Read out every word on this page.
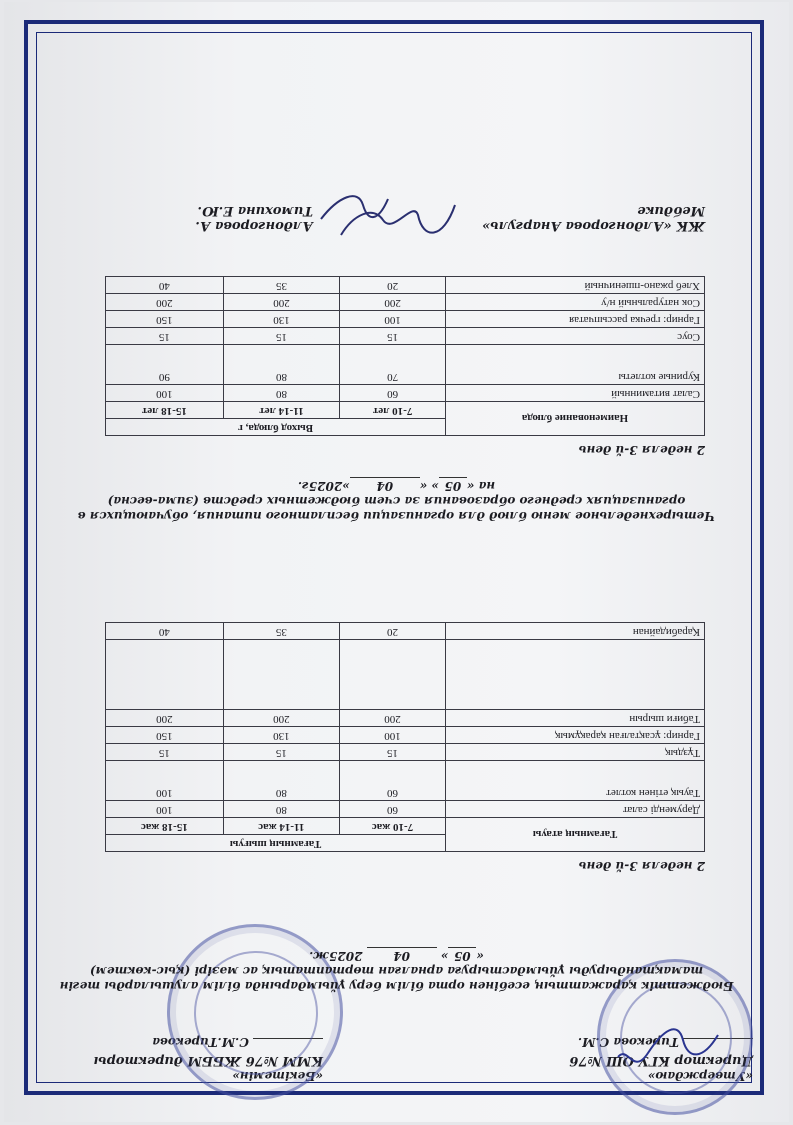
«Утверждаю»
Директор КГУ ОШ №76
Тирекова С.М.
«Бекітемін»
КММ №76 ЖББМ директоры
С.М.Тирекова
Бюджеттік қаражаттың есебінен орта білім беру ұйымдарында білім алушыларды тегін
тамақтандыруды ұйымдастыруға арналған төртаптатық ас мәзірі (қыс-көктем)
«05» 04 2025ж.
2 неделя 3-й день
Тағамның атауы	Тағамның шығуы		
	7-10 жас	11-14 жас	15-18 жас
Дәрумендi салат	60	80	100
Тауық етінен котлет	60	80	100
Тұздық	15	15	15
Гарнир: ұсақталған қарақұмық	100	130	150
Табиғи шырын	200	200	200

Қарабидайнан	20	35	40
Четырехнедельное меню блюд для организации бесплатного питания, обучающихся в
организациях среднего образования за счет бюджетных средств (зима-весна)
на «05» «04»2025г.
2 неделя 3-й день
Наименование блюда	Выход блюда, г		
	7-10 лет	11-14 лет	15-18 лет
Салат витаминный	60	80	100
Куриные котлеты	70	80	90
Соус	15	15	15
Гарнир: гречка рассыпчатая	100	130	150
Сок натуральный н/у	200	200	200
Хлеб ржано-пшеничный	20	35	40
ЖК «Алдонгорова Анаргуль»
Мебдике
Алдонгорова А.
Тимохина Е.Ю.
